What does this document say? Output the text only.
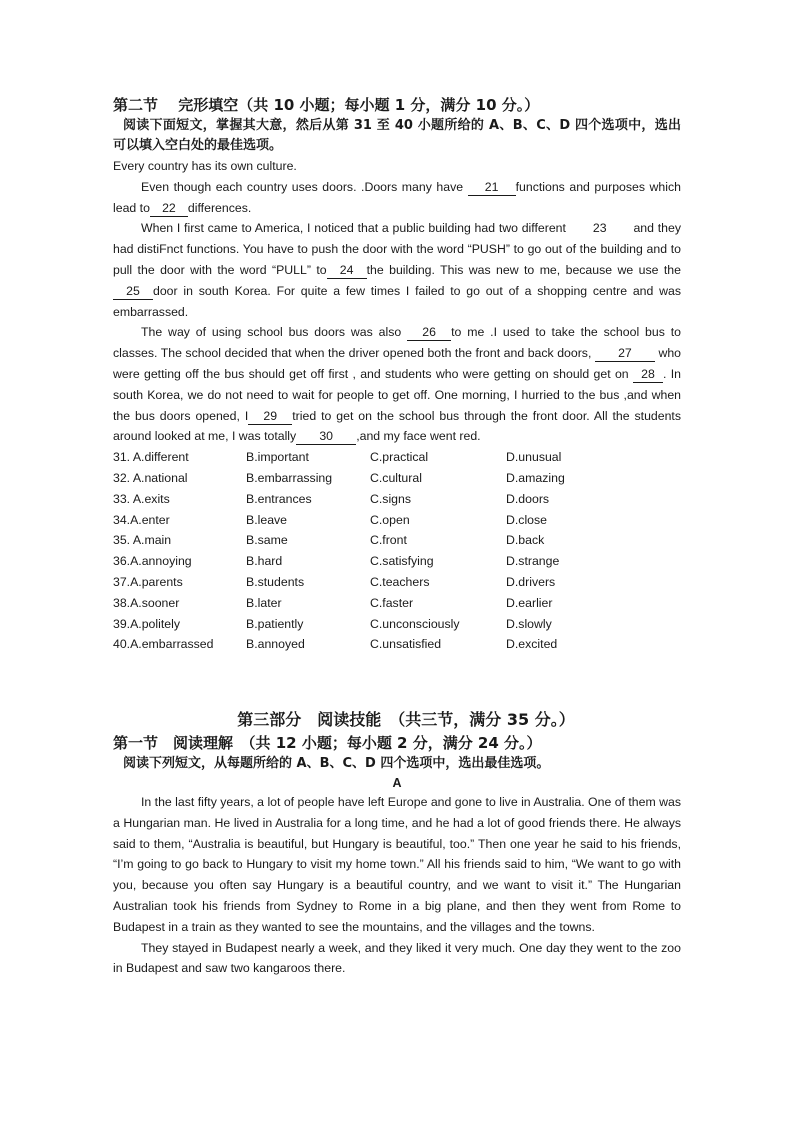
第二节　 完形填空（共 10 小题；每小题 1 分，满分 10 分。）
阅读下面短文，掌握其大意，然后从第 31 至 40 小题所给的 A、B、C、D 四个选项中，选出可以填入空白处的最佳选项。

Every country has its own culture.

Even though each country uses doors. .Doors many have 21 functions and purposes which lead to 22 differences.

When I first came to America, I noticed that a public building had two different 23 and they had distiFnct functions. You have to push the door with the word “PUSH” to go out of the building and to pull the door with the word “PULL” to 24 the building. This was new to me, because we use the 25 door in south Korea. For quite a few times I failed to go out of a shopping centre and was embarrassed.

The way of using school bus doors was also 26 to me .I used to take the school bus to classes. The school decided that when the driver opened both the front and back doors, 27 who were getting off the bus should get off first , and students who were getting on should get on 28 . In south Korea, we do not need to wait for people to get off. One morning, I hurried to the bus ,and when the bus doors opened, I 29 tried to get on the school bus through the front door. All the students around looked at me, I was totally 30 ,and my face went red.

31. A.different	B.important	C.practical	D.unusual
32. A.national	B.embarrassing	C.cultural	D.amazing
33. A.exits	B.entrances	C.signs	D.doors
34.A.enter	B.leave	C.open	D.close
35. A.main	B.same	C.front	D.back
36.A.annoying	B.hard	C.satisfying	D.strange
37.A.parents	B.students	C.teachers	D.drivers
38.A.sooner	B.later	C.faster	D.earlier
39.A.politely	B.patiently	C.unconsciously	D.slowly
40.A.embarrassed	B.annoyed	C.unsatisfied	D.excited
第三部分　阅读技能　（共三节，满分 35 分。）
第一节　阅读理解　（共 12 小题；每小题 2 分，满分 24 分。）
阅读下列短文，从每题所给的 A、B、C、D 四个选项中，选出最佳选项。
A

In the last fifty years, a lot of people have left Europe and gone to live in Australia. One of them was a Hungarian man. He lived in Australia for a long time, and he had a lot of good friends there. He always said to them, “Australia is beautiful, but Hungary is beautiful, too.” Then one year he said to his friends, “I’m going to go back to Hungary to visit my home town.” All his friends said to him, “We want to go with you, because you often say Hungary is a beautiful country, and we want to visit it.” The Hungarian Australian took his friends from Sydney to Rome in a big plane, and then they went from Rome to Budapest in a train as they wanted to see the mountains, and the villages and the towns.

They stayed in Budapest nearly a week, and they liked it very much. One day they went to the zoo in Budapest and saw two kangaroos there.
